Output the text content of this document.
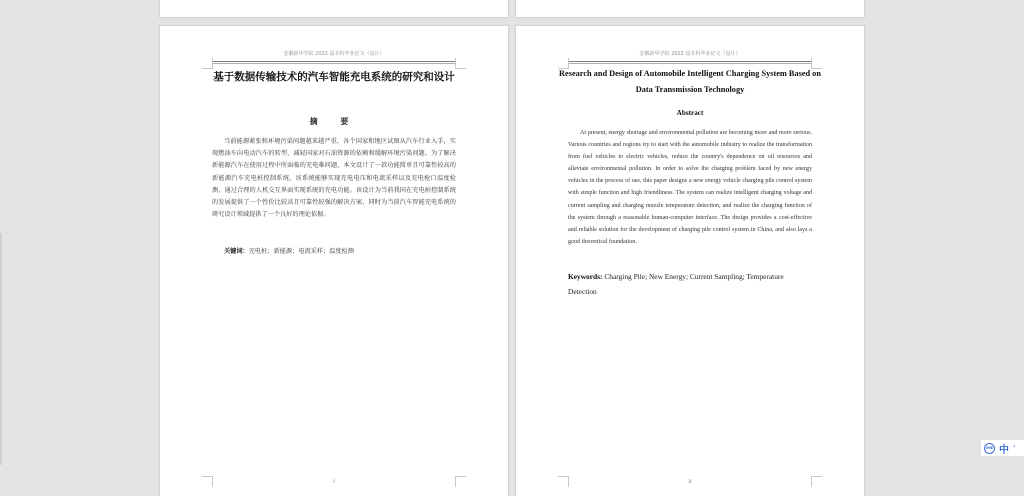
安徽新华学院 2022 届本科毕业论文（设计）
基于数据传输技术的汽车智能充电系统的研究和设计
摘 要
当前能源紧张和环境污染问题越来越严重，各个国家和地区试图从汽车行业入手，实现燃油车向电动汽车的转型，减轻国家对石油资源的依赖和缓解环境污染问题。为了解决新能源汽车在使用过程中所面临的充电难问题，本文设计了一款功能简单且可靠性较高的新能源汽车充电桩控制系统，该系统能够实现充电电压和电流采样以及充电枪口温度检测，通过合理的人机交互界面实现系统的充电功能。该设计为当前我国在充电桩控制系统的发展提供了一个性价比较高且可靠性较强的解决方案，同时为当前汽车智能充电系统的研究设计领域提供了一个良好的理论依据。
关键词：充电桩；新能源；电流采样；温度检测
I
安徽新华学院 2022 届本科毕业论文（设计）
Research and Design of Automobile Intelligent Charging System Based on Data Transmission Technology
Abstract
At present, energy shortage and environmental pollution are becoming more and more serious. Various countries and regions try to start with the automobile industry to realize the transformation from fuel vehicles to electric vehicles, reduce the country's dependence on oil resources and alleviate environmental pollution. In order to solve the charging problem faced by new energy vehicles in the process of use, this paper designs a new energy vehicle charging pile control system with simple function and high friendliness. The system can realize intelligent charging voltage and current sampling and charging muzzle temperature detection, and realize the charging function of the system through a reasonable human-computer interface. The design provides a cost-effective and reliable solution for the development of charging pile control system in China, and also lays a good theoretical foundation.
Keywords: Charging Pile; New Energy; Current Sampling; Temperature Detection
II
IME 中 '
